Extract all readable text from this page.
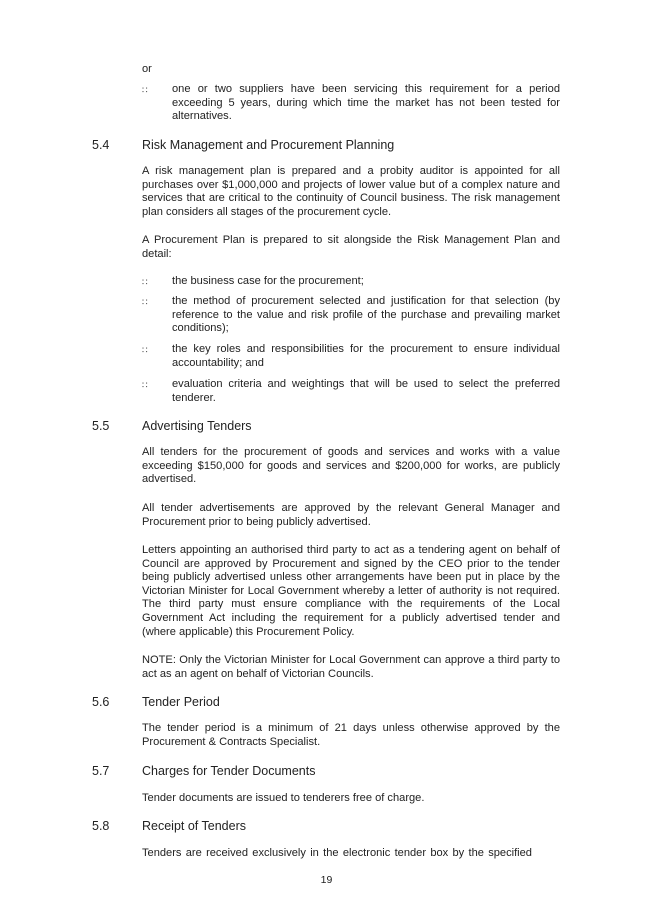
or

∷ one or two suppliers have been servicing this requirement for a period exceeding 5 years, during which time the market has not been tested for alternatives.

5.4	Risk Management and Procurement Planning

A risk management plan is prepared and a probity auditor is appointed for all purchases over $1,000,000 and projects of lower value but of a complex nature and services that are critical to the continuity of Council business. The risk management plan considers all stages of the procurement cycle.

A Procurement Plan is prepared to sit alongside the Risk Management Plan and detail:

∷ the business case for the procurement;

∷ the method of procurement selected and justification for that selection (by reference to the value and risk profile of the purchase and prevailing market conditions);

∷ the key roles and responsibilities for the procurement to ensure individual accountability; and

∷ evaluation criteria and weightings that will be used to select the preferred tenderer.

5.5	Advertising Tenders

All tenders for the procurement of goods and services and works with a value exceeding $150,000 for goods and services and $200,000 for works, are publicly advertised.

All tender advertisements are approved by the relevant General Manager and Procurement prior to being publicly advertised.

Letters appointing an authorised third party to act as a tendering agent on behalf of Council are approved by Procurement and signed by the CEO prior to the tender being publicly advertised unless other arrangements have been put in place by the Victorian Minister for Local Government whereby a letter of authority is not required. The third party must ensure compliance with the requirements of the Local Government Act including the requirement for a publicly advertised tender and (where applicable) this Procurement Policy.

NOTE: Only the Victorian Minister for Local Government can approve a third party to act as an agent on behalf of Victorian Councils.

5.6	Tender Period

The tender period is a minimum of 21 days unless otherwise approved by the Procurement & Contracts Specialist.

5.7	Charges for Tender Documents

Tender documents are issued to tenderers free of charge.

5.8	Receipt of Tenders

Tenders are received exclusively in the electronic tender box by the specified

19
